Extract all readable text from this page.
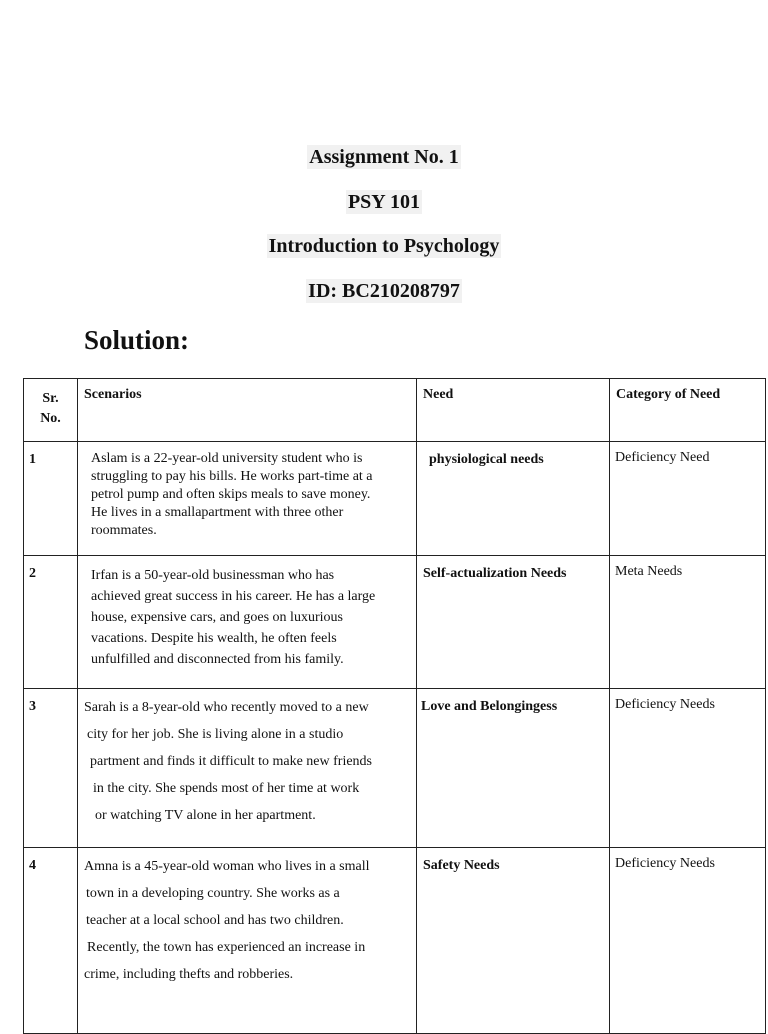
Assignment No. 1
PSY 101
Introduction to Psychology
ID: BC210208797
Solution:
Sr.
No.	Scenarios	Need	Category of Need
1	Aslam is a 22-year-old university student who is
struggling to pay his bills. He works part-time at a
petrol pump and often skips meals to save money.
He lives in a smallapartment with three other
roommates.	physiological needs	Deficiency Need
2	Irfan is a 50-year-old businessman who has
achieved great success in his career. He has a large
house, expensive cars, and goes on luxurious
vacations. Despite his wealth, he often feels
unfulfilled and disconnected from his family.	Self-actualization Needs	Meta Needs
3	Sarah is a 8-year-old who recently moved to a new
city for her job. She is living alone in a studio
partment and finds it difficult to make new friends
in the city. She spends most of her time at work
or watching TV alone in her apartment.	Love and Belongingess	Deficiency Needs
4	Amna is a 45-year-old woman who lives in a small
town in a developing country. She works as a
teacher at a local school and has two children.
Recently, the town has experienced an increase in
crime, including thefts and robberies.	Safety Needs	Deficiency Needs
